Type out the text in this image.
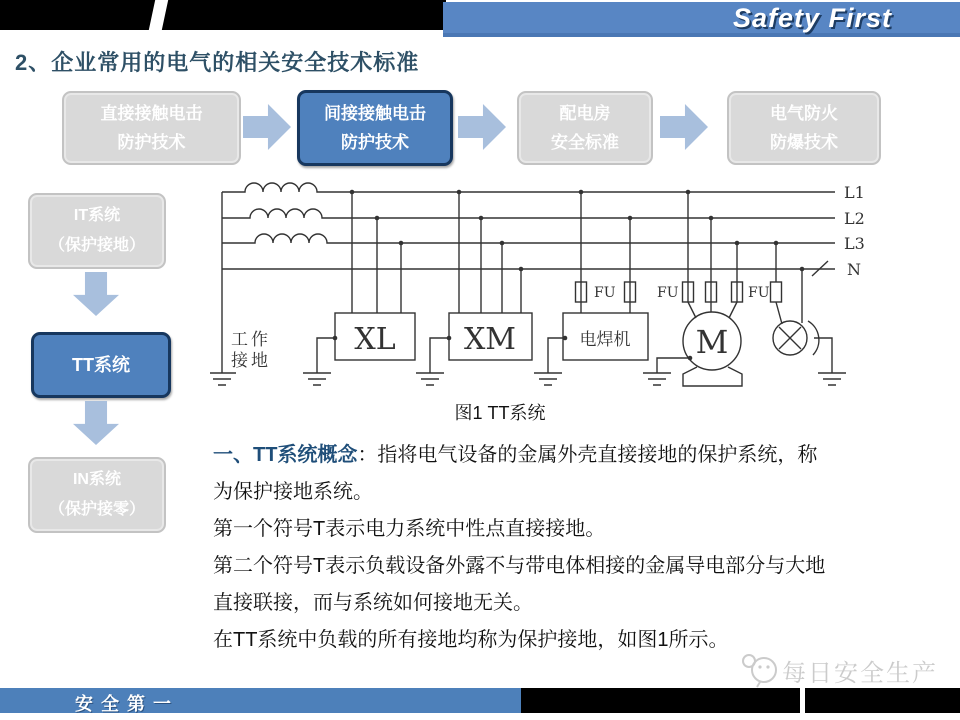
Safety First
2、企业常用的电气的相关安全技术标准
直接接触电击
防护技术
间接接触电击
防护技术
配电房
安全标准
电气防火
防爆技术
IT系统
（保护接地）
TT系统
IN系统
（保护接零）
L1
L2
L3
N
FU	FU	FU
XL XM	M
电焊机
工作
接地
图1 TT系统
一、TT系统概念：指将电气设备的金属外壳直接接地的保护系统，称
为保护接地系统。
第一个符号T表示电力系统中性点直接接地。
第二个符号T表示负载设备外露不与带电体相接的金属导电部分与大地
直接联接，而与系统如何接地无关。
在TT系统中负载的所有接地均称为保护接地，如图1所示。
每日安全生产
安全第一
